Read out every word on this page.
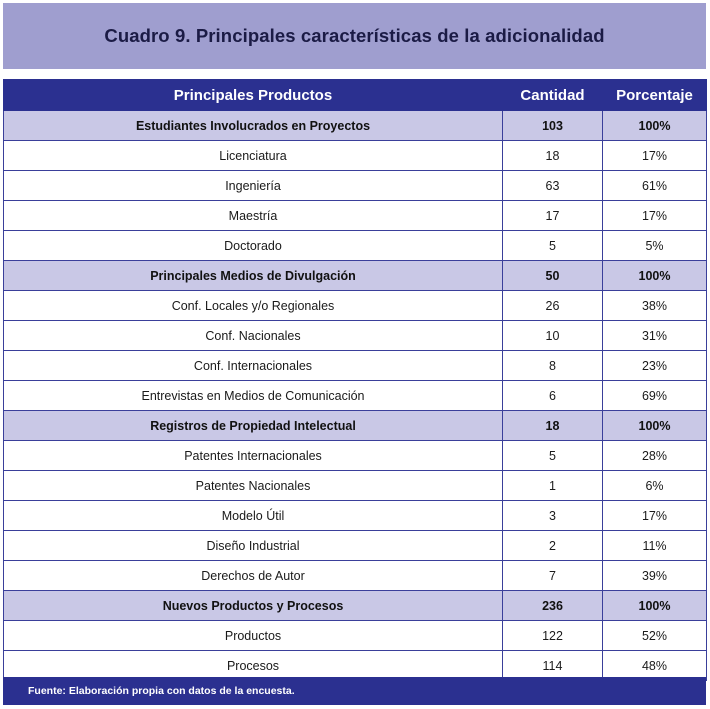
Cuadro 9. Principales características de la adicionalidad
Principales Productos	Cantidad	Porcentaje
Estudiantes Involucrados en Proyectos	103	100%
Licenciatura	18	17%
Ingeniería	63	61%
Maestría	17	17%
Doctorado	5	5%
Principales Medios de Divulgación	50	100%
Conf. Locales y/o Regionales	26	38%
Conf. Nacionales	10	31%
Conf. Internacionales	8	23%
Entrevistas en Medios de Comunicación	6	69%
Registros de Propiedad Intelectual	18	100%
Patentes Internacionales	5	28%
Patentes Nacionales	1	6%
Modelo Útil	3	17%
Diseño Industrial	2	11%
Derechos de Autor	7	39%
Nuevos Productos y Procesos	236	100%
Productos	122	52%
Procesos	114	48%
Fuente: Elaboración propia con datos de la encuesta.
